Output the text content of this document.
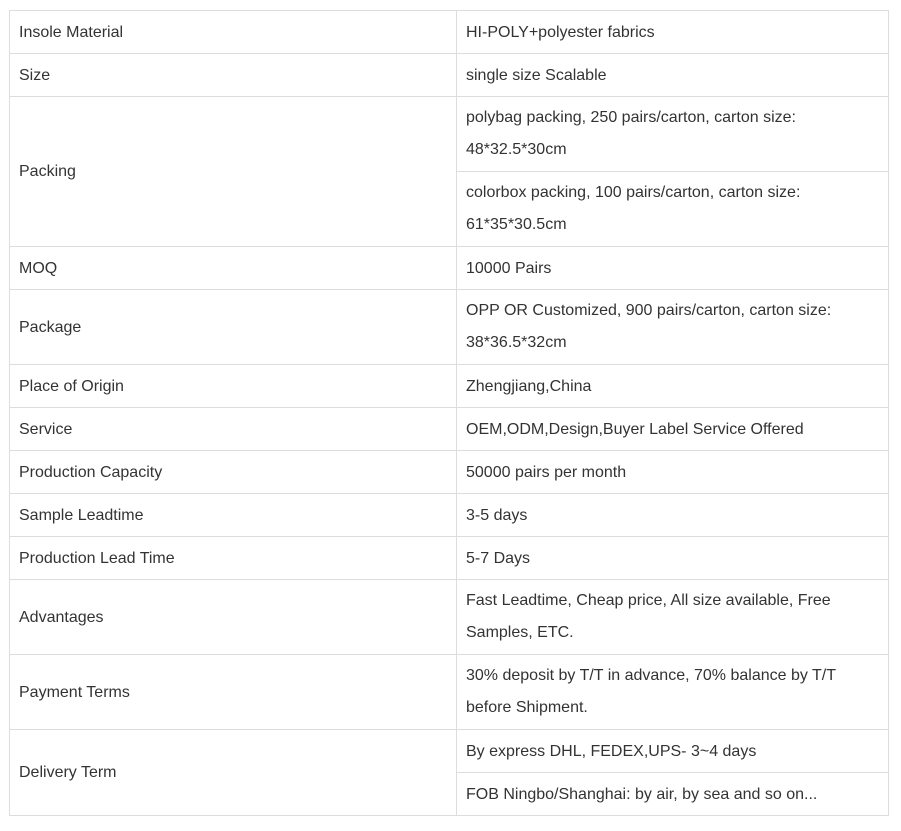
Insole Material	HI-POLY+polyester fabrics
Size	single size Scalable
Packing	polybag packing, 250 pairs/carton, carton size: 48*32.5*30cm
	colorbox packing, 100 pairs/carton, carton size: 61*35*30.5cm
MOQ	10000 Pairs
Package	OPP OR Customized, 900 pairs/carton, carton size: 38*36.5*32cm
Place of Origin	Zhengjiang,China
Service	OEM,ODM,Design,Buyer Label Service Offered
Production Capacity	50000 pairs per month
Sample Leadtime	3-5 days
Production Lead Time	5-7 Days
Advantages	Fast Leadtime, Cheap price, All size available, Free Samples, ETC.
Payment Terms	30% deposit by T/T in advance, 70% balance by T/T before Shipment.
Delivery Term	By express DHL, FEDEX,UPS- 3~4 days
	FOB Ningbo/Shanghai: by air, by sea and so on...
